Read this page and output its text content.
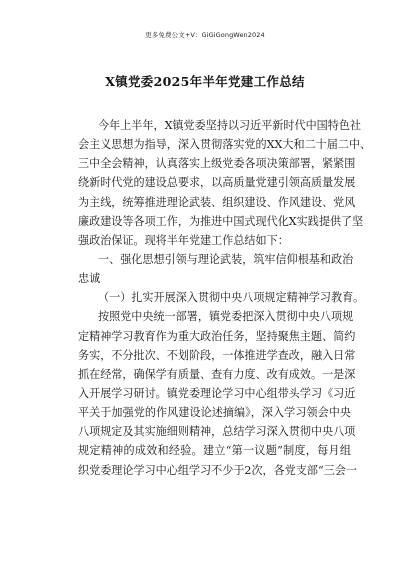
更多免费公文+V：GiGiGongWen2024
X镇党委2025年半年党建工作总结
今年上半年，X镇党委坚持以习近平新时代中国特色社
会主义思想为指导，深入贯彻落实党的XX大和二十届二中、
三中全会精神，认真落实上级党委各项决策部署，紧紧围
绕新时代党的建设总要求，以高质量党建引领高质量发展
为主线，统筹推进理论武装、组织建设、作风建设、党风
廉政建设等各项工作，为推进中国式现代化X实践提供了坚
强政治保证。现将半年党建工作总结如下：
一、强化思想引领与理论武装，筑牢信仰根基和政治
忠诚
（一）扎实开展深入贯彻中央八项规定精神学习教育。
按照党中央统一部署，镇党委把深入贯彻中央八项规
定精神学习教育作为重大政治任务，坚持聚焦主题、简约
务实，不分批次、不划阶段，一体推进学查改，融入日常
抓在经常，确保学有质量、查有力度、改有成效。一是深
入开展学习研讨。镇党委理论学习中心组带头学习《习近
平关于加强党的作风建设论述摘编》，深入学习领会中央
八项规定及其实施细则精神，总结学习深入贯彻中央八项
规定精神的成效和经验。建立“第一议题”制度，每月组
织党委理论学习中心组学习不少于2次，各党支部“三会一
